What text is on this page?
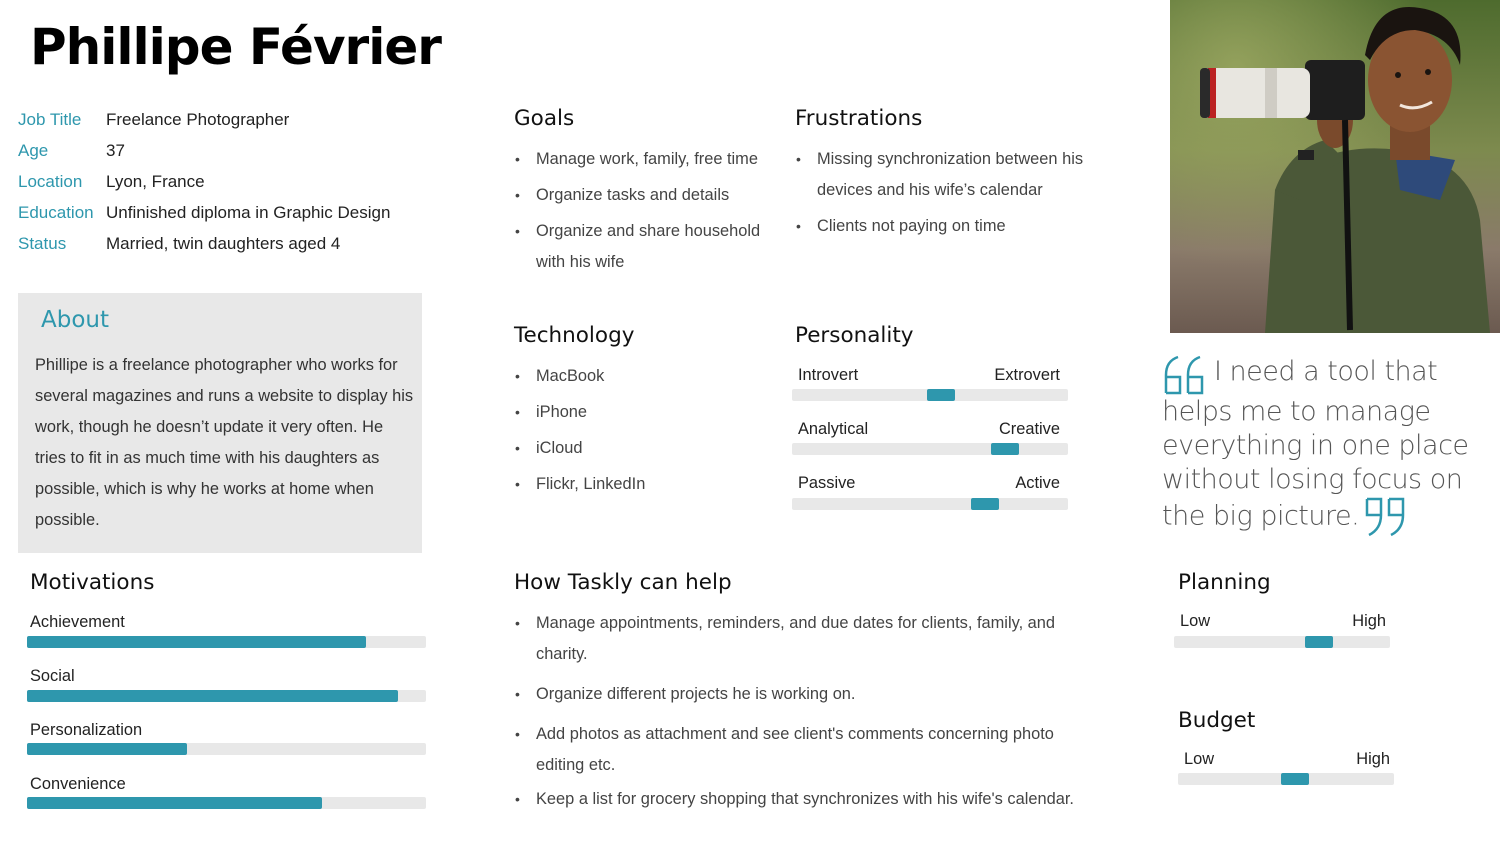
Phillipe Février
Job Title	Freelance Photographer
Age	37
Location	Lyon, France
Education Unfinished diploma in Graphic Design
Status	Married, twin daughters aged 4
About

Phillipe is a freelance photographer who works for several magazines and runs a website to display his work, though he doesn’t update it very often. He tries to fit in as much time with his daughters as possible, which is why he works at home when possible.

Goals
• Manage work, family, free time
• Organize tasks and details
• Organize and share household with his wife
Frustrations
• Missing synchronization between his devices and his wife’s calendar
• Clients not paying on time
Technology
• MacBook
• iPhone
• iCloud
• Flickr, LinkedIn
Personality
Introvert	Extrovert
Analytical	Creative
Passive	Active
Motivations
Achievement
Social
Personalization
Convenience
How Taskly can help
• Manage appointments, reminders, and due dates for clients, family, and charity.
• Organize different projects he is working on.
• Add photos as attachment and see client's comments concerning photo editing etc.
• Keep a list for grocery shopping that synchronizes with his wife's calendar.
I need a tool that helps me to manage everything in one place without losing focus on the big picture.
Planning
Low	High
Budget
Low	High
